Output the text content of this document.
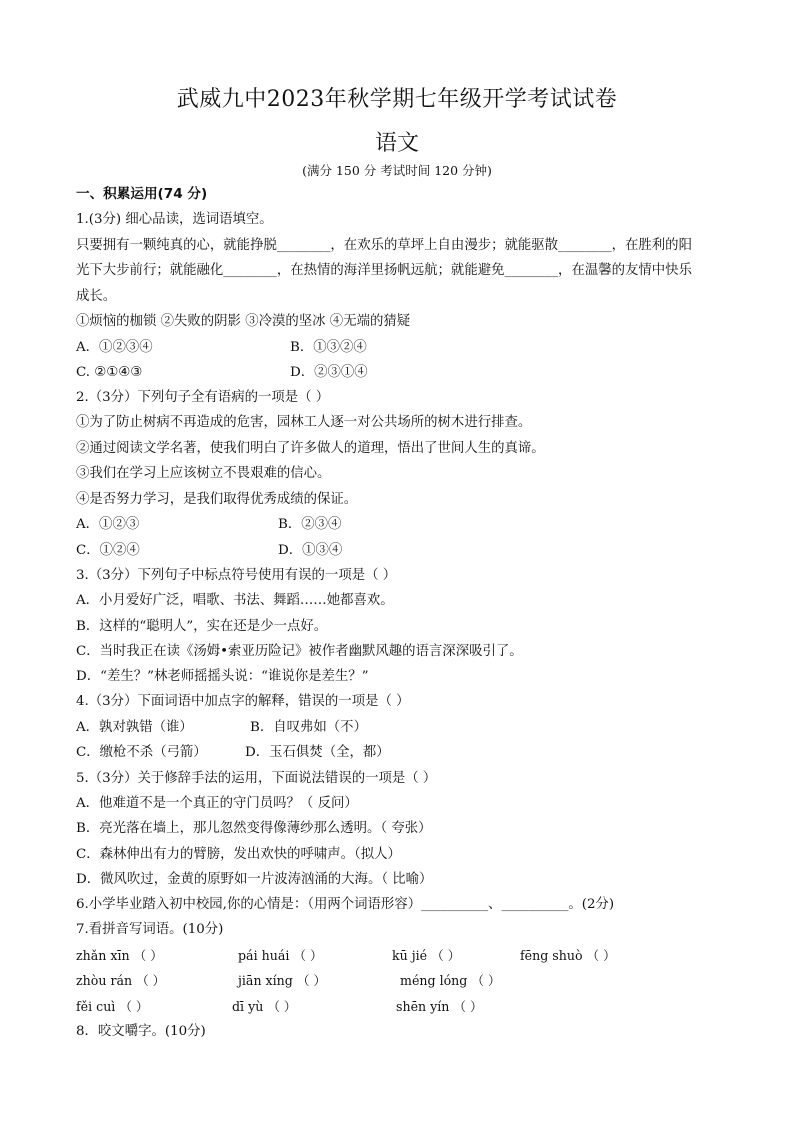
武威九中2023年秋学期七年级开学考试试卷
语文
(满分 150 分 考试时间 120 分钟)
一、积累运用(74 分)
1.(3分) 细心品读，选词语填空。
只要拥有一颗纯真的心，就能挣脱________，在欢乐的草坪上自由漫步；就能驱散________，在胜利的阳
光下大步前行；就能融化________，在热情的海洋里扬帆远航；就能避免________，在温馨的友情中快乐
成长。
①烦恼的枷锁 ②失败的阴影 ③冷漠的坚冰 ④无端的猜疑
A．①②③④	B．①③②④
C. ②①④③	D．②③①④
2.（3分）下列句子全有语病的一项是（ ）
①为了防止树病不再造成的危害，园林工人逐一对公共场所的树木进行排查。
②通过阅读文学名著，使我们明白了许多做人的道理，悟出了世间人生的真谛。
③我们在学习上应该树立不畏艰难的信心。
④是否努力学习，是我们取得优秀成绩的保证。
A．①②③	B．②③④
C．①②④	D．①③④
3.（3分）下列句子中标点符号使用有误的一项是（ ）
A．小月爱好广泛，唱歌、书法、舞蹈……她都喜欢。
B．这样的“聪明人”，实在还是少一点好。
C．当时我正在读《汤姆•索亚历险记》被作者幽默风趣的语言深深吸引了。
D．“差生？”林老师摇摇头说：“谁说你是差生？”
4.（3分）下面词语中加点字的解释，错误的一项是（ ）
A．孰对孰错（谁）	B．自叹弗如（不）
C．缴枪不杀（弓箭）	D．玉石俱焚（全，都）
5.（3分）关于修辞手法的运用，下面说法错误的一项是（ ）
A．他难道不是一个真正的守门员吗？（ 反问）
B．亮光落在墙上，那儿忽然变得像薄纱那么透明。（ 夸张）
C．森林伸出有力的臂膀，发出欢快的呼啸声。（拟人）
D．微风吹过，金黄的原野如一片波涛汹涌的大海。（ 比喻）
6.小学毕业踏入初中校园,你的心情是：（用两个词语形容）__________、__________。(2分)
7.看拼音写词语。(10分)
zhǎn xīn （ ）	pái huái （ ）	kū jié （ ）	fēng shuò （ ）
zhòu rán （ ）	jiān xíng （ ）	méng lóng （ ）
fěi cuì （ ）	dī yù （ ）	shēn yín （ ）
8．咬文嚼字。(10分)
